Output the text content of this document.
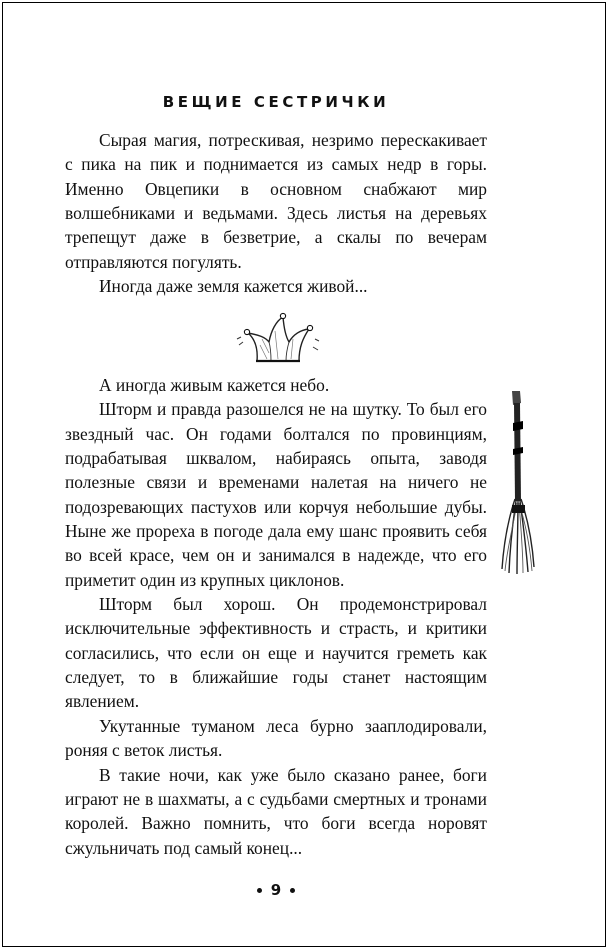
ВЕЩИЕ СЕСТРИЧКИ

Сырая магия, потрескивая, незримо перескакивает с пика на пик и поднимается из самых недр в горы. Именно Овцепики в основном снабжают мир волшебниками и ведьмами. Здесь листья на деревьях трепещут даже в безветрие, а скалы по вечерам отправляются погулять.

Иногда даже земля кажется живой...

А иногда живым кажется небо.

Шторм и правда разошелся не на шутку. То был его звездный час. Он годами болтался по провинциям, подрабатывая шквалом, набираясь опыта, заводя полезные связи и временами налетая на ничего не подозревающих пастухов или корчуя небольшие дубы. Ныне же прореха в погоде дала ему шанс проявить себя во всей красе, чем он и занимался в надежде, что его приметит один из крупных циклонов.

Шторм был хорош. Он продемонстрировал исключительные эффективность и страсть, и критики согласились, что если он еще и научится греметь как следует, то в ближайшие годы станет настоящим явлением.

Укутанные туманом леса бурно зааплодировали, роняя с веток листья.

В такие ночи, как уже было сказано ранее, боги играют не в шахматы, а с судьбами смертных и тронами королей. Важно помнить, что боги всегда норовят сжульничать под самый конец...

9
